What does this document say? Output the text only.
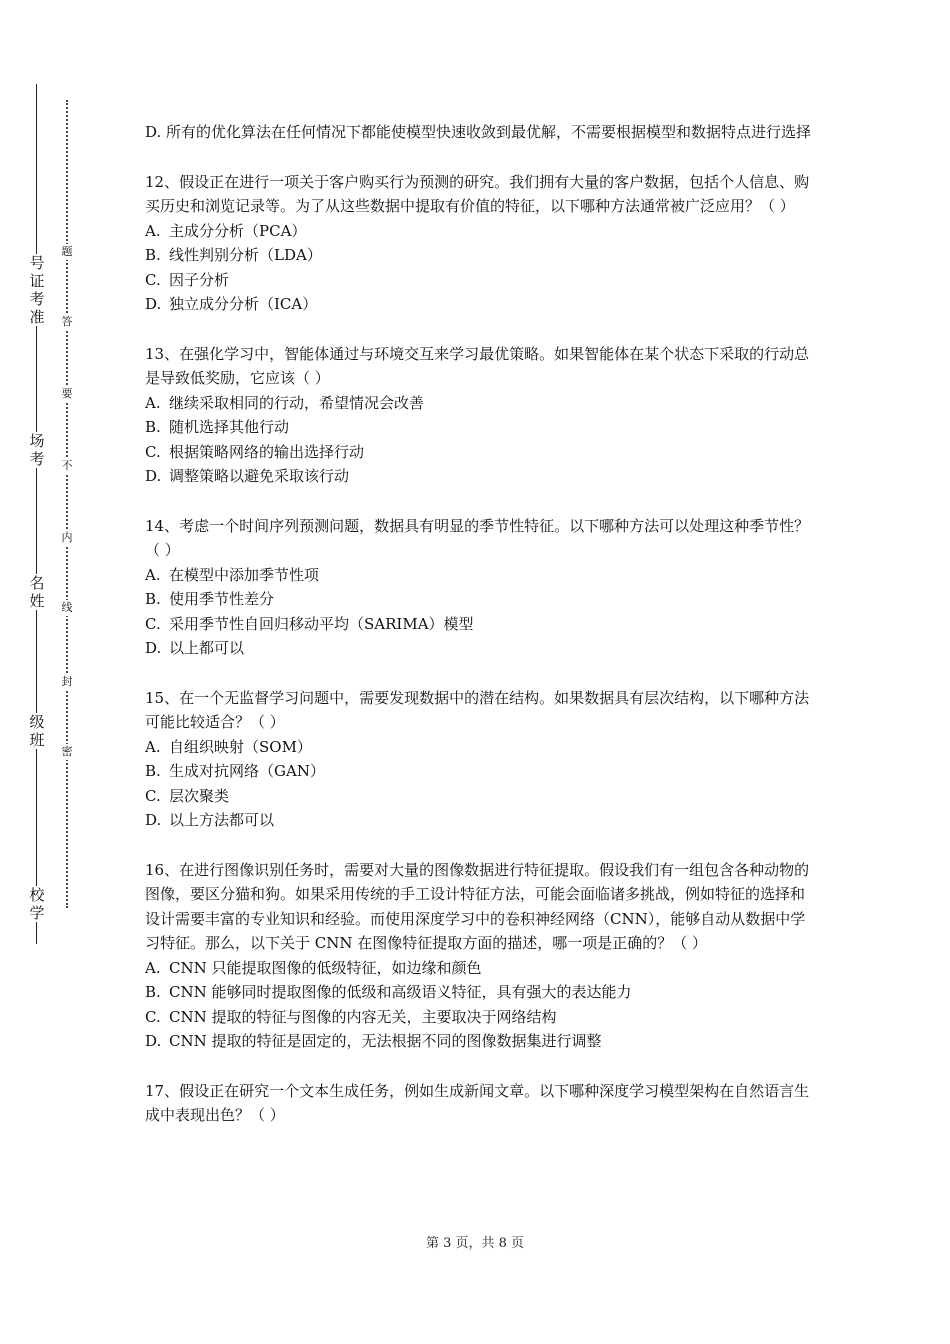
号
证
考
准
场
考
名
姓
级
班
校
学
题
答
要
不
内
线
封
密

D. 所有的优化算法在任何情况下都能使模型快速收敛到最优解，不需要根据模型和数据特点进行选择

12、假设正在进行一项关于客户购买行为预测的研究。我们拥有大量的客户数据，包括个人信息、购买历史和浏览记录等。为了从这些数据中提取有价值的特征，以下哪种方法通常被广泛应用？（ ）

A. 主成分分析（PCA）

B. 线性判别分析（LDA）

C. 因子分析

D. 独立成分分析（ICA）

13、在强化学习中，智能体通过与环境交互来学习最优策略。如果智能体在某个状态下采取的行动总是导致低奖励，它应该（ ）

A. 继续采取相同的行动，希望情况会改善

B. 随机选择其他行动

C. 根据策略网络的输出选择行动

D. 调整策略以避免采取该行动

14、考虑一个时间序列预测问题，数据具有明显的季节性特征。以下哪种方法可以处理这种季节性？（ ）

A. 在模型中添加季节性项

B. 使用季节性差分

C. 采用季节性自回归移动平均（SARIMA）模型

D. 以上都可以

15、在一个无监督学习问题中，需要发现数据中的潜在结构。如果数据具有层次结构，以下哪种方法可能比较适合？（ ）

A. 自组织映射（SOM）

B. 生成对抗网络（GAN）

C. 层次聚类

D. 以上方法都可以

16、在进行图像识别任务时，需要对大量的图像数据进行特征提取。假设我们有一组包含各种动物的图像，要区分猫和狗。如果采用传统的手工设计特征方法，可能会面临诸多挑战，例如特征的选择和设计需要丰富的专业知识和经验。而使用深度学习中的卷积神经网络（CNN），能够自动从数据中学习特征。那么，以下关于 CNN 在图像特征提取方面的描述，哪一项是正确的？（ ）

A. CNN 只能提取图像的低级特征，如边缘和颜色

B. CNN 能够同时提取图像的低级和高级语义特征，具有强大的表达能力

C. CNN 提取的特征与图像的内容无关，主要取决于网络结构

D. CNN 提取的特征是固定的，无法根据不同的图像数据集进行调整

17、假设正在研究一个文本生成任务，例如生成新闻文章。以下哪种深度学习模型架构在自然语言生成中表现出色？（ ）

第 3 页，共 8 页
